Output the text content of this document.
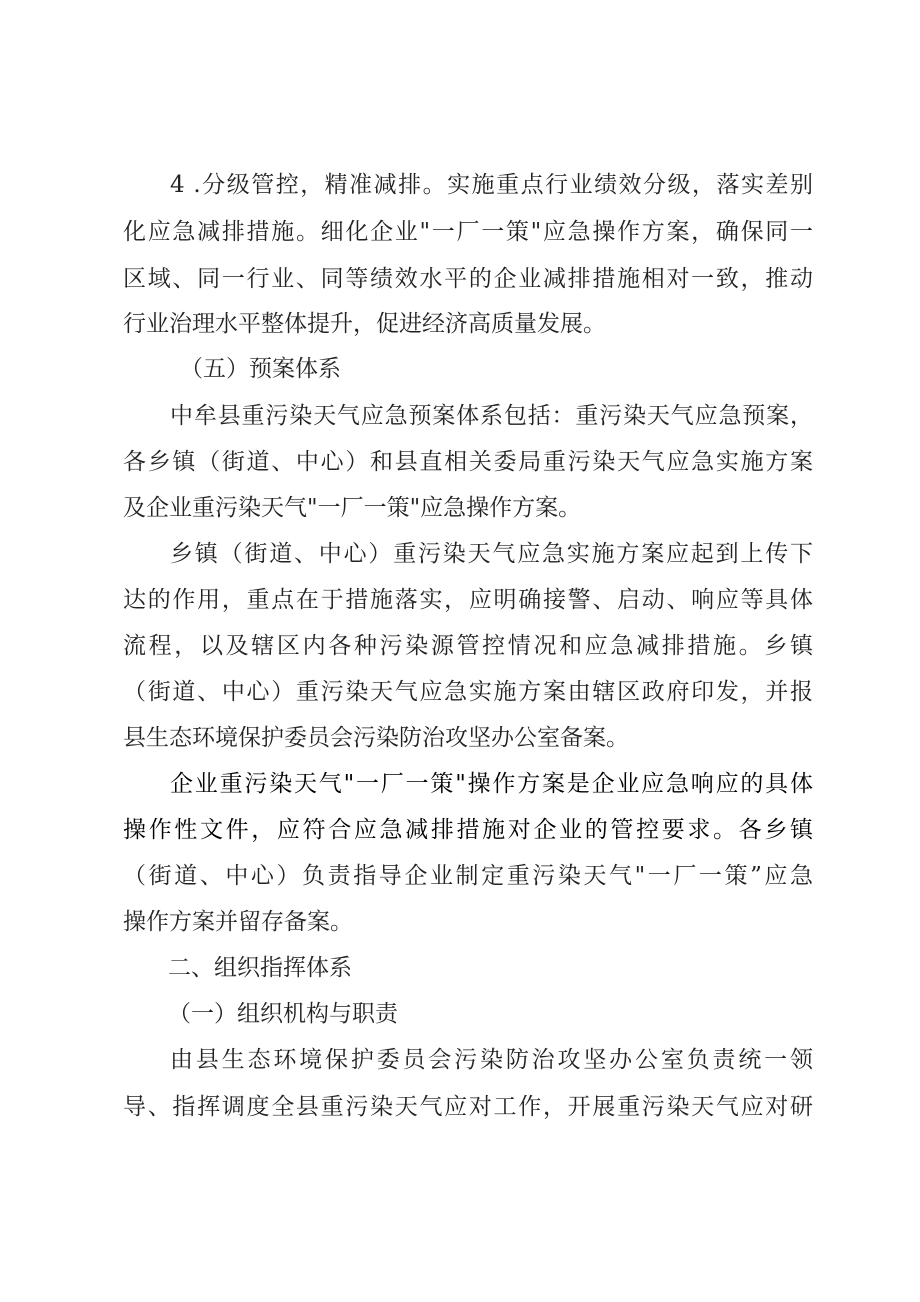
4 .分级管控，精准减排。实施重点行业绩效分级，落实差别
化应急减排措施。细化企业"一厂一策"应急操作方案，确保同一
区域、同一行业、同等绩效水平的企业减排措施相对一致，推动
行业治理水平整体提升，促进经济高质量发展。
（五）预案体系
中牟县重污染天气应急预案体系包括：重污染天气应急预案，
各乡镇（街道、中心）和县直相关委局重污染天气应急实施方案
及企业重污染天气"一厂一策"应急操作方案。
乡镇（街道、中心）重污染天气应急实施方案应起到上传下
达的作用，重点在于措施落实，应明确接警、启动、响应等具体
流程，以及辖区内各种污染源管控情况和应急减排措施。乡镇
（街道、中心）重污染天气应急实施方案由辖区政府印发，并报
县生态环境保护委员会污染防治攻坚办公室备案。
企业重污染天气"一厂一策"操作方案是企业应急响应的具体
操作性文件，应符合应急减排措施对企业的管控要求。各乡镇
（街道、中心）负责指导企业制定重污染天气"一厂一策”应急
操作方案并留存备案。
二、组织指挥体系
（一）组织机构与职责
由县生态环境保护委员会污染防治攻坚办公室负责统一领
导、指挥调度全县重污染天气应对工作，开展重污染天气应对研
